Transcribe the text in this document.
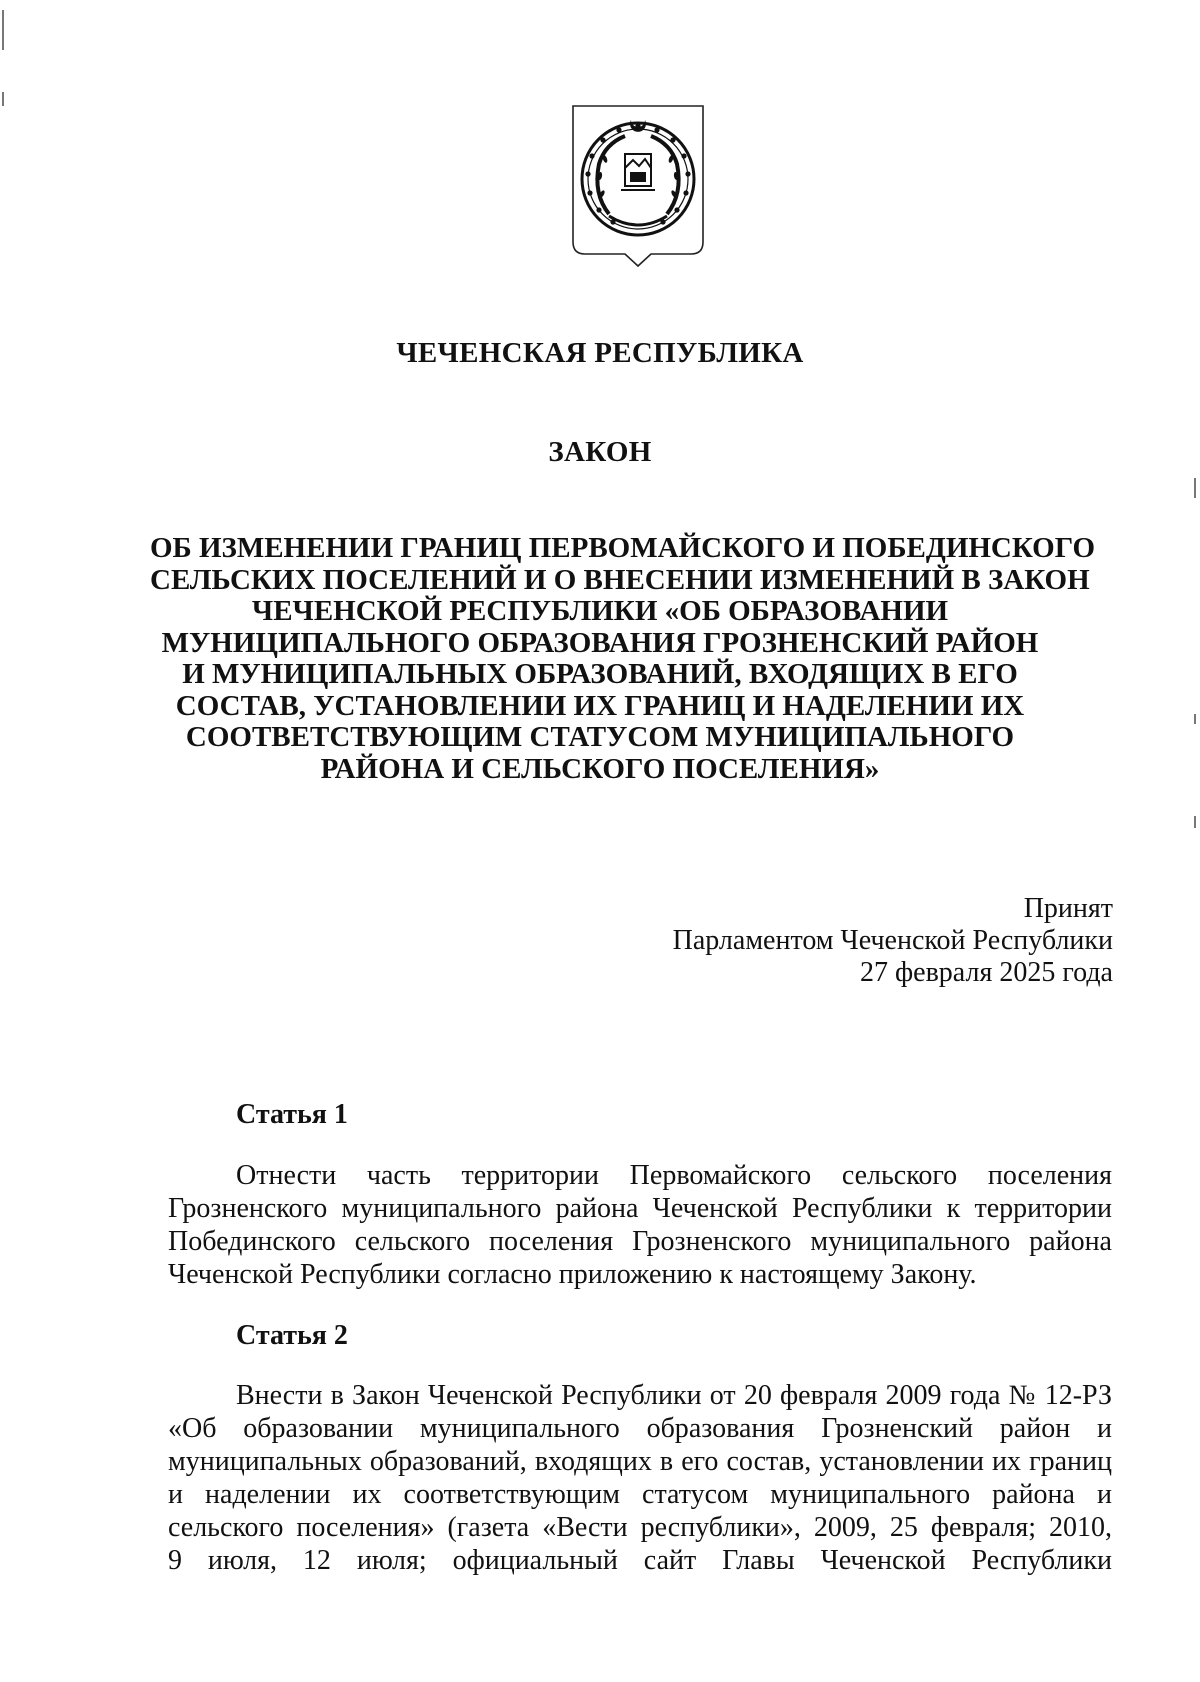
ЧЕЧЕНСКАЯ РЕСПУБЛИКА
ЗАКОН
ОБ ИЗМЕНЕНИИ ГРАНИЦ ПЕРВОМАЙСКОГО И ПОБЕДИНСКОГО
СЕЛЬСКИХ ПОСЕЛЕНИЙ И О ВНЕСЕНИИ ИЗМЕНЕНИЙ В ЗАКОН
ЧЕЧЕНСКОЙ РЕСПУБЛИКИ «ОБ ОБРАЗОВАНИИ
МУНИЦИПАЛЬНОГО ОБРАЗОВАНИЯ ГРОЗНЕНСКИЙ РАЙОН
И МУНИЦИПАЛЬНЫХ ОБРАЗОВАНИЙ, ВХОДЯЩИХ В ЕГО
СОСТАВ, УСТАНОВЛЕНИИ ИХ ГРАНИЦ И НАДЕЛЕНИИ ИХ
СООТВЕТСТВУЮЩИМ СТАТУСОМ МУНИЦИПАЛЬНОГО
РАЙОНА И СЕЛЬСКОГО ПОСЕЛЕНИЯ»
Принят
Парламентом Чеченской Республики
27 февраля 2025 года
Статья 1
Отнести часть территории Первомайского сельского поселения
Грозненского муниципального района Чеченской Республики к территории
Побединского сельского поселения Грозненского муниципального района
Чеченской Республики согласно приложению к настоящему Закону.
Статья 2
Внести в Закон Чеченской Республики от 20 февраля 2009 года № 12-РЗ
«Об образовании муниципального образования Грозненский район и
муниципальных образований, входящих в его состав, установлении их границ
и наделении их соответствующим статусом муниципального района и
сельского поселения» (газета «Вести республики», 2009, 25 февраля; 2010,
9 июля, 12 июля; официальный сайт Главы Чеченской Республики
